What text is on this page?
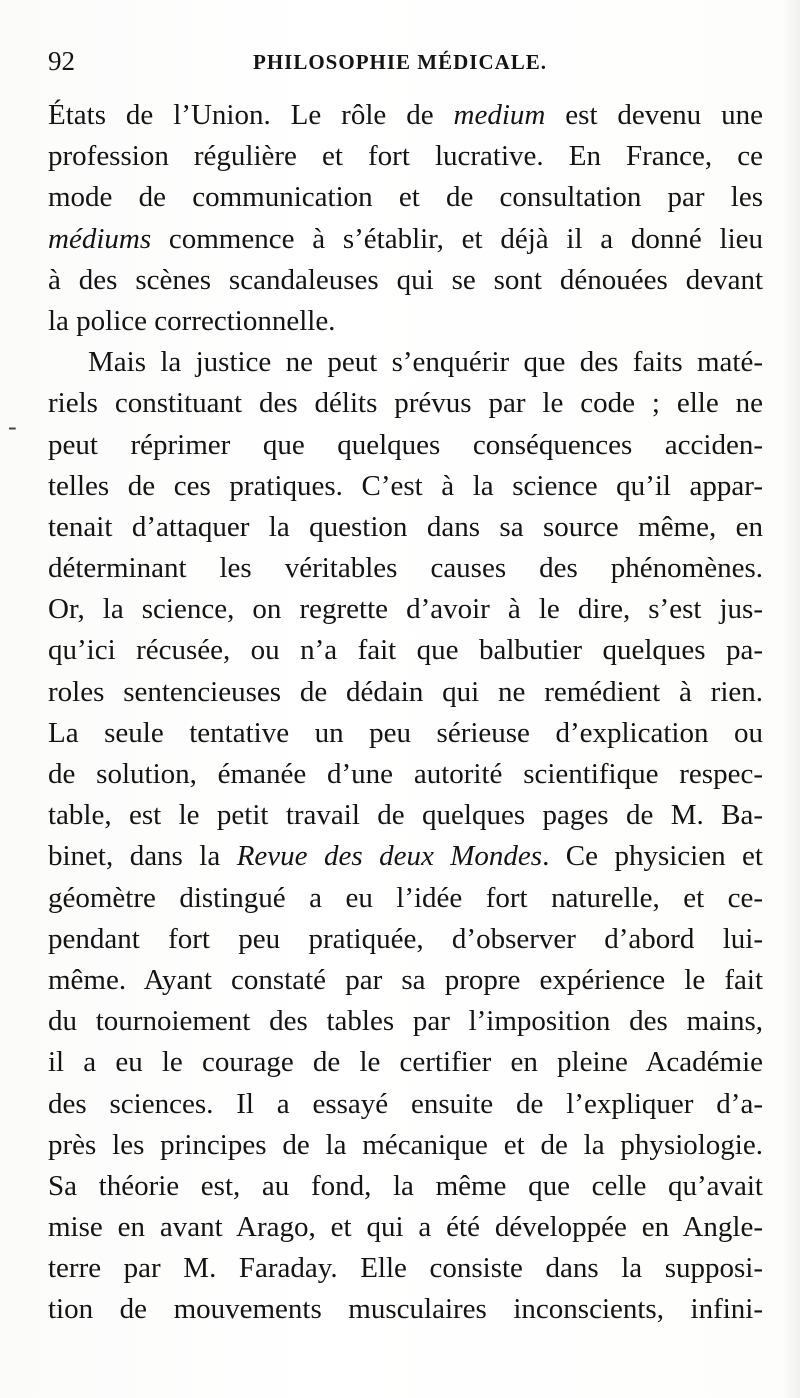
92	PHILOSOPHIE MÉDICALE.
-
États de l’Union. Le rôle de medium est devenu une
profession régulière et fort lucrative. En France, ce
mode de communication et de consultation par les
médiums commence à s’établir, et déjà il a donné lieu
à des scènes scandaleuses qui se sont dénouées devant
la police correctionnelle.
Mais la justice ne peut s’enquérir que des faits maté-
riels constituant des délits prévus par le code ; elle ne
peut réprimer que quelques conséquences acciden-
telles de ces pratiques. C’est à la science qu’il appar-
tenait d’attaquer la question dans sa source même, en
déterminant les véritables causes des phénomènes.
Or, la science, on regrette d’avoir à le dire, s’est jus-
qu’ici récusée, ou n’a fait que balbutier quelques pa-
roles sentencieuses de dédain qui ne remédient à rien.
La seule tentative un peu sérieuse d’explication ou
de solution, émanée d’une autorité scientifique respec-
table, est le petit travail de quelques pages de M. Ba-
binet, dans la Revue des deux Mondes. Ce physicien et
géomètre distingué a eu l’idée fort naturelle, et ce-
pendant fort peu pratiquée, d’observer d’abord lui-
même. Ayant constaté par sa propre expérience le fait
du tournoiement des tables par l’imposition des mains,
il a eu le courage de le certifier en pleine Académie
des sciences. Il a essayé ensuite de l’expliquer d’a-
près les principes de la mécanique et de la physiologie.
Sa théorie est, au fond, la même que celle qu’avait
mise en avant Arago, et qui a été développée en Angle-
terre par M. Faraday. Elle consiste dans la supposi-
tion de mouvements musculaires inconscients, infini-
